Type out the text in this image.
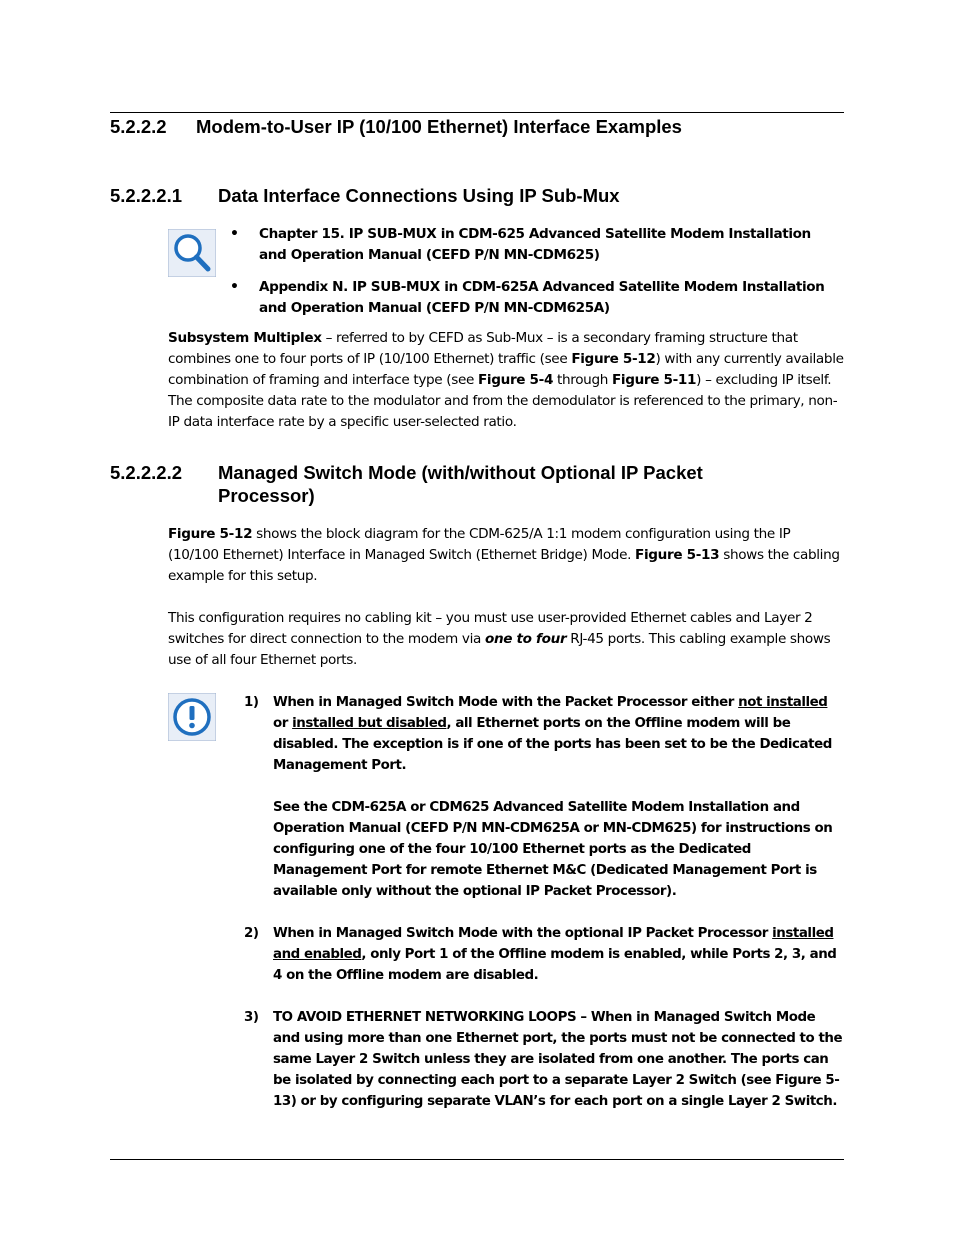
5.2.2.2 Modem-to-User IP (10/100 Ethernet) Interface Examples
5.2.2.2.1 Data Interface Connections Using IP Sub-Mux
• Chapter 15. IP SUB-MUX in CDM-625 Advanced Satellite Modem Installation
and Operation Manual (CEFD P/N MN-CDM625)
• Appendix N. IP SUB-MUX in CDM-625A Advanced Satellite Modem Installation
and Operation Manual (CEFD P/N MN-CDM625A)

Subsystem Multiplex – referred to by CEFD as Sub-Mux – is a secondary framing structure that combines one to four ports of IP (10/100 Ethernet) traffic (see Figure 5-12) with any currently available combination of framing and interface type (see Figure 5-4 through Figure 5-11) – excluding IP itself. The composite data rate to the modulator and from the demodulator is referenced to the primary, non-IP data interface rate by a specific user-selected ratio.

5.2.2.2.2 Managed Switch Mode (with/without Optional IP Packet
Processor)

Figure 5-12 shows the block diagram for the CDM-625/A 1:1 modem configuration using the IP (10/100 Ethernet) Interface in Managed Switch (Ethernet Bridge) Mode. Figure 5-13 shows the cabling example for this setup.

This configuration requires no cabling kit – you must use user-provided Ethernet cables and Layer 2 switches for direct connection to the modem via one to four RJ-45 ports. This cabling example shows use of all four Ethernet ports.

1) When in Managed Switch Mode with the Packet Processor either not installed or installed but disabled, all Ethernet ports on the Offline modem will be disabled. The exception is if one of the ports has been set to be the Dedicated Management Port.

See the CDM-625A or CDM625 Advanced Satellite Modem Installation and Operation Manual (CEFD P/N MN-CDM625A or MN-CDM625) for instructions on configuring one of the four 10/100 Ethernet ports as the Dedicated Management Port for remote Ethernet M&C (Dedicated Management Port is available only without the optional IP Packet Processor).

2) When in Managed Switch Mode with the optional IP Packet Processor installed and enabled, only Port 1 of the Offline modem is enabled, while Ports 2, 3, and 4 on the Offline modem are disabled.

3) TO AVOID ETHERNET NETWORKING LOOPS – When in Managed Switch Mode and using more than one Ethernet port, the ports must not be connected to the same Layer 2 Switch unless they are isolated from one another. The ports can be isolated by connecting each port to a separate Layer 2 Switch (see Figure 5-13) or by configuring separate VLAN’s for each port on a single Layer 2 Switch.
